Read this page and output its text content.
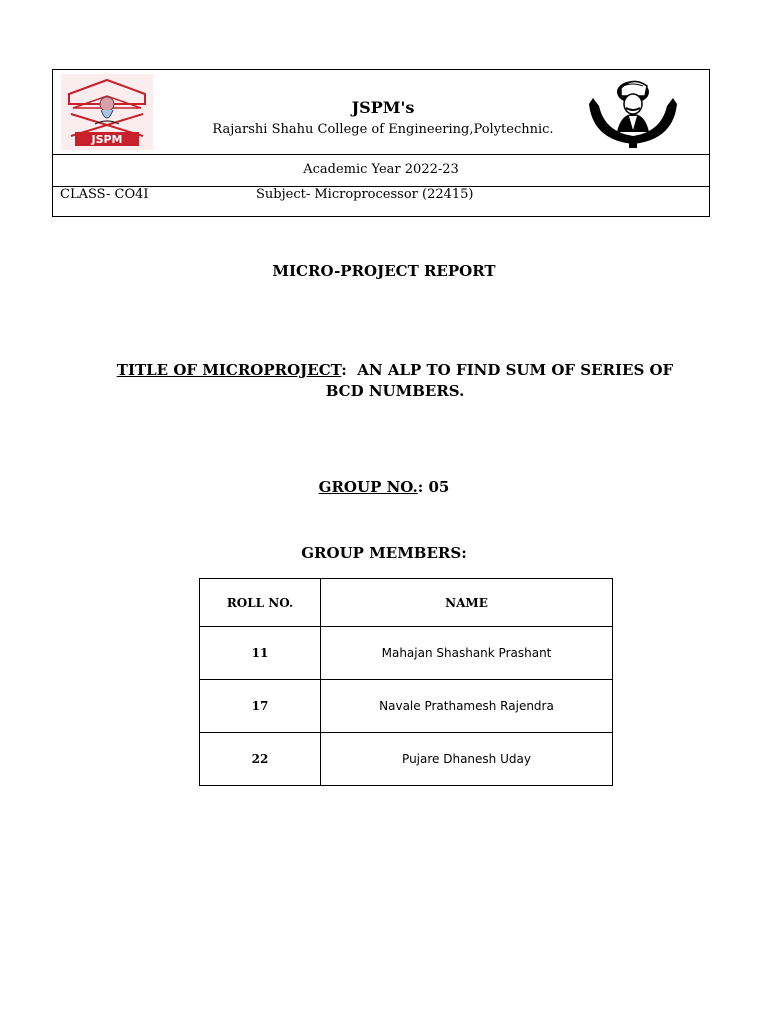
JSPM
JSPM's
Rajarshi Shahu College of Engineering,Polytechnic.
Academic Year 2022-23
CLASS- CO4I	Subject- Microprocessor (22415)
MICRO-PROJECT REPORT
TITLE OF MICROPROJECT: AN ALP TO FIND SUM OF SERIES OF BCD NUMBERS.
GROUP NO.: 05
GROUP MEMBERS:
ROLL NO.	NAME
11	Mahajan Shashank Prashant
17	Navale Prathamesh Rajendra
22	Pujare Dhanesh Uday
